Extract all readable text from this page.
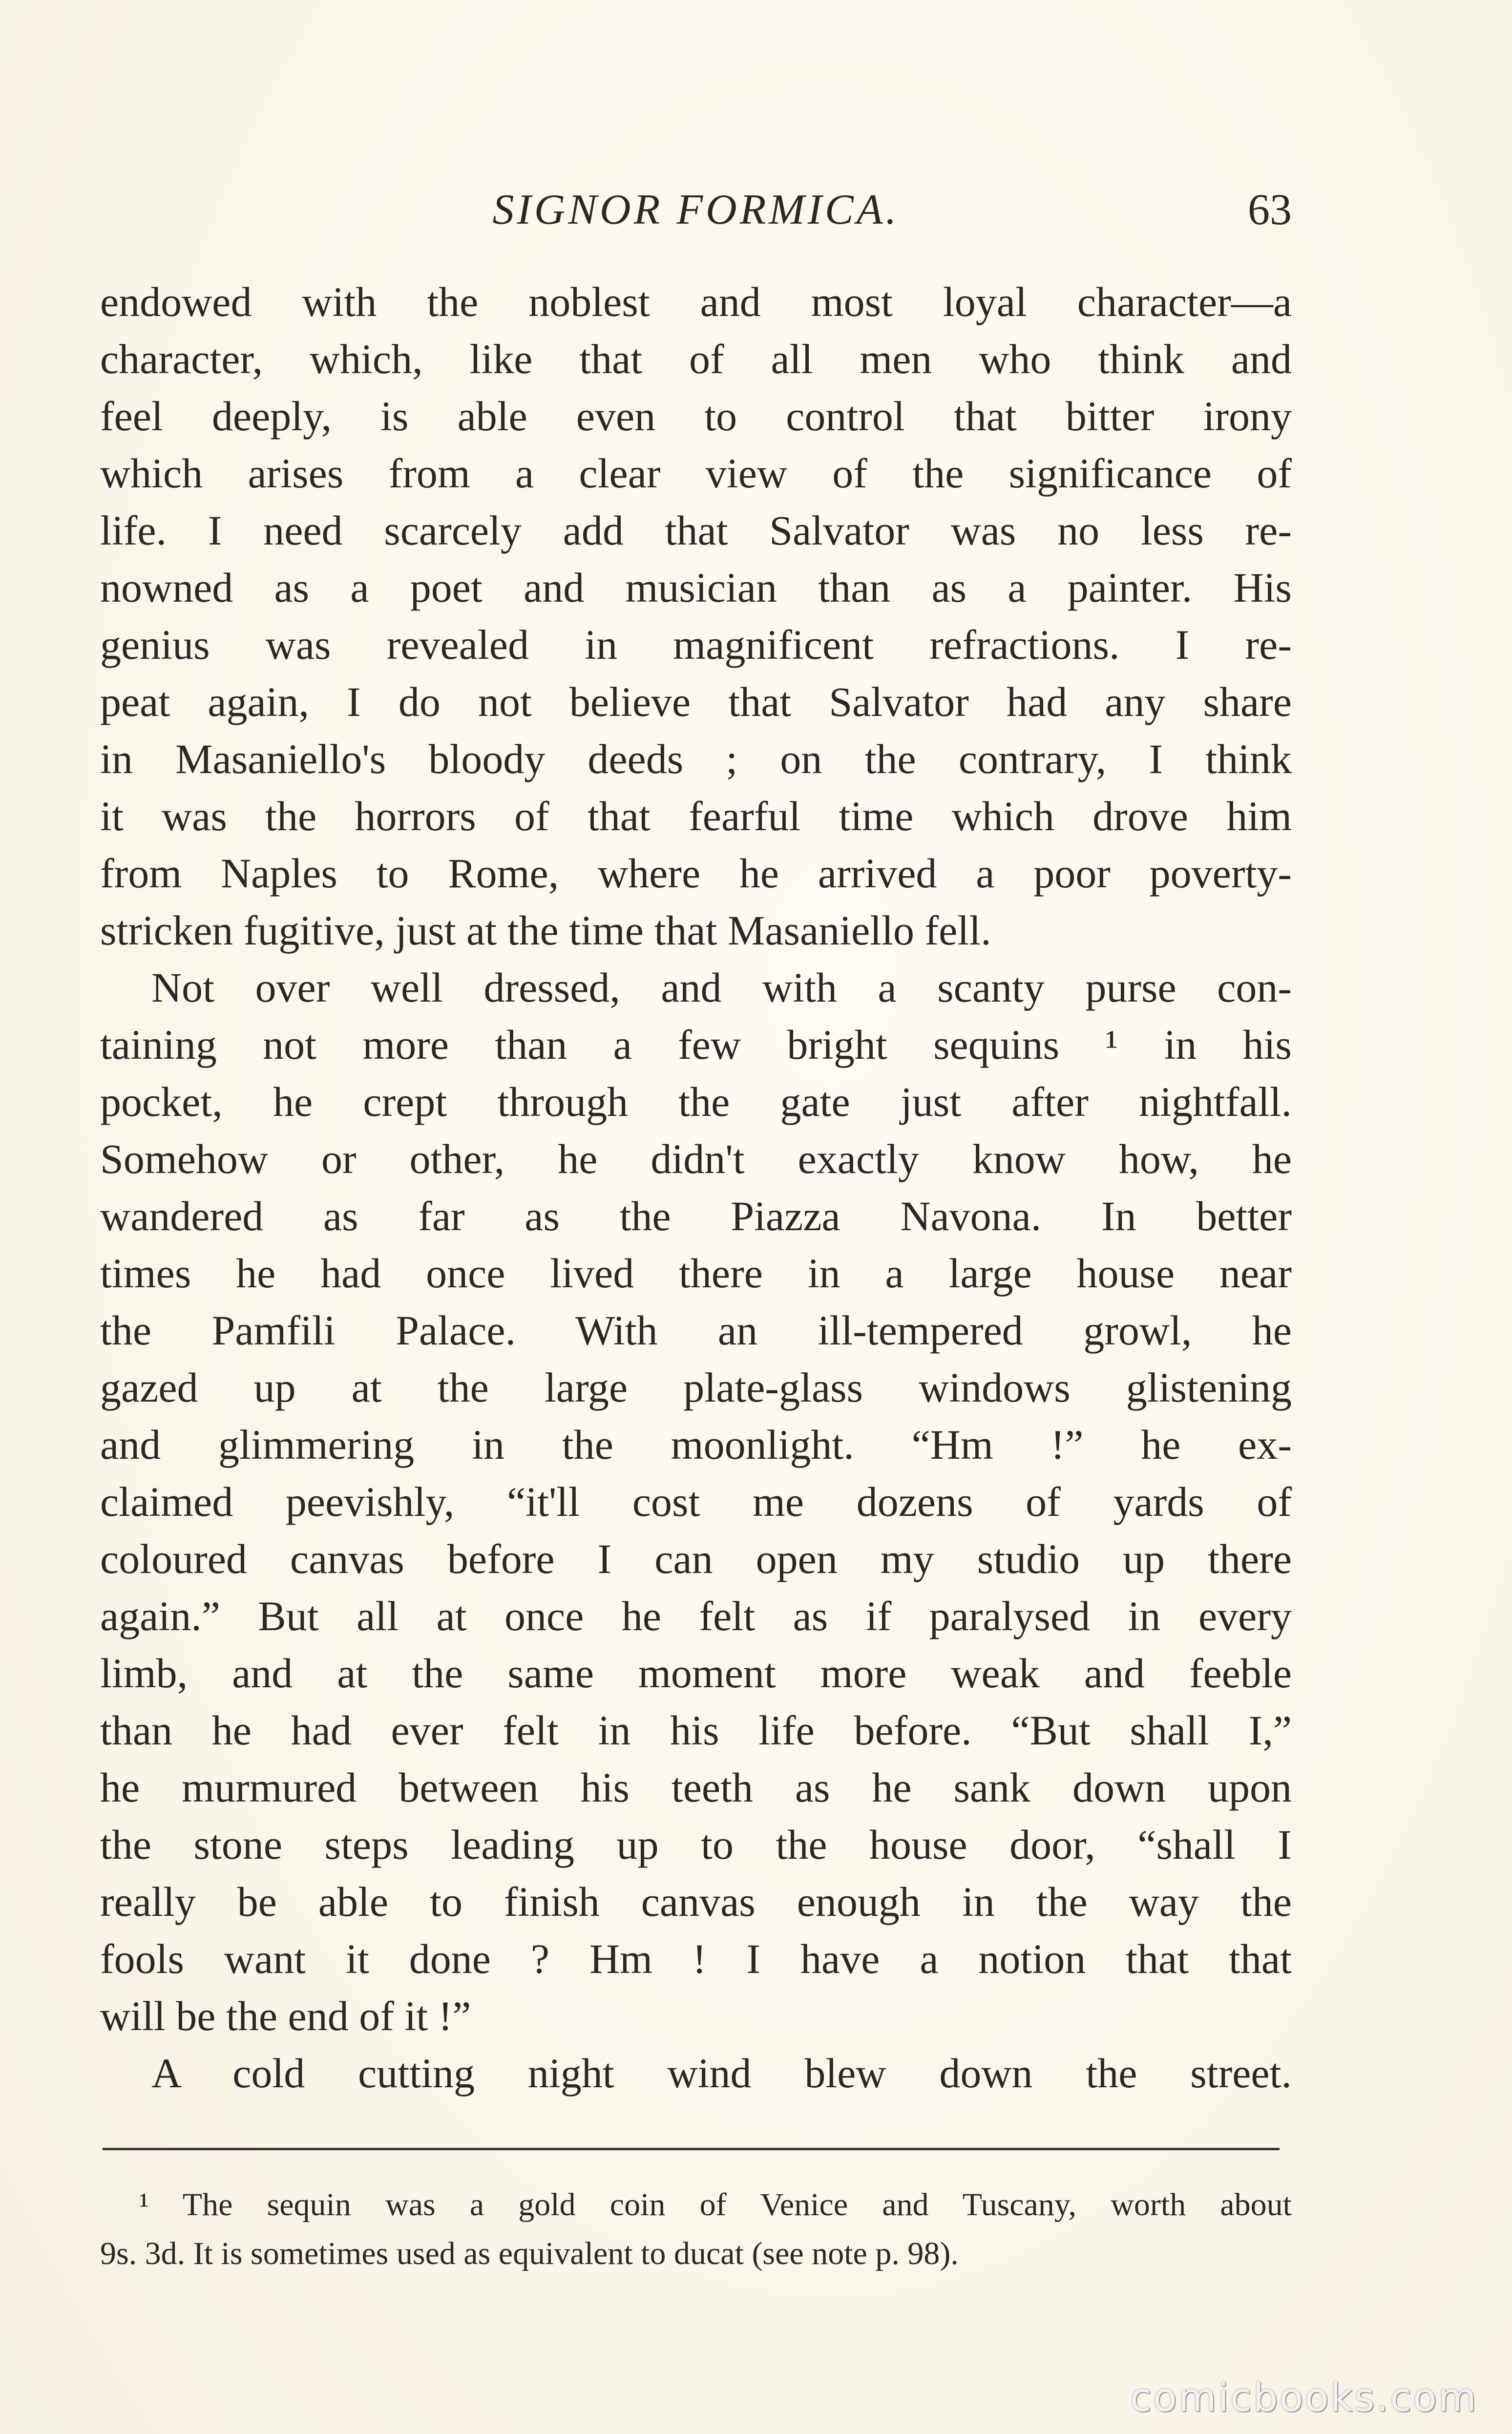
SIGNOR FORMICA.	63
endowed with the noblest and most loyal character—a
character, which, like that of all men who think and
feel deeply, is able even to control that bitter irony
which arises from a clear view of the significance of
life. I need scarcely add that Salvator was no less re-
nowned as a poet and musician than as a painter. His
genius was revealed in magnificent refractions. I re-
peat again, I do not believe that Salvator had any share
in Masaniello's bloody deeds ; on the contrary, I think
it was the horrors of that fearful time which drove him
from Naples to Rome, where he arrived a poor poverty-
stricken fugitive, just at the time that Masaniello fell.
Not over well dressed, and with a scanty purse con-
taining not more than a few bright sequins ¹ in his
pocket, he crept through the gate just after nightfall.
Somehow or other, he didn't exactly know how, he
wandered as far as the Piazza Navona. In better
times he had once lived there in a large house near
the Pamfili Palace. With an ill-tempered growl, he
gazed up at the large plate-glass windows glistening
and glimmering in the moonlight. “Hm !” he ex-
claimed peevishly, “it'll cost me dozens of yards of
coloured canvas before I can open my studio up there
again.” But all at once he felt as if paralysed in every
limb, and at the same moment more weak and feeble
than he had ever felt in his life before. “But shall I,”
he murmured between his teeth as he sank down upon
the stone steps leading up to the house door, “shall I
really be able to finish canvas enough in the way the
fools want it done ? Hm ! I have a notion that that
will be the end of it !”
A cold cutting night wind blew down the street.
¹ The sequin was a gold coin of Venice and Tuscany, worth about
9s. 3d. It is sometimes used as equivalent to ducat (see note p. 98).
comicbooks.com
